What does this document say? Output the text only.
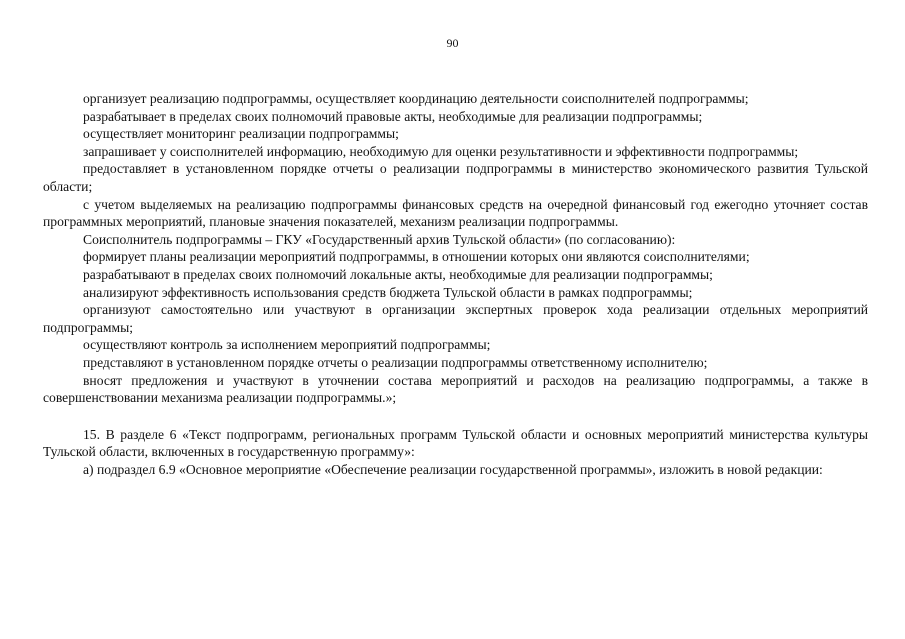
90

организует реализацию подпрограммы, осуществляет координацию деятельности соисполнителей подпрограммы;

разрабатывает в пределах своих полномочий правовые акты, необходимые для реализации подпрограммы;

осуществляет мониторинг реализации подпрограммы;

запрашивает у соисполнителей информацию, необходимую для оценки результативности и эффективности подпрограммы;

предоставляет в установленном порядке отчеты о реализации подпрограммы в министерство экономического развития Тульской области;

с учетом выделяемых на реализацию подпрограммы финансовых средств на очередной финансовый год ежегодно уточняет состав программных мероприятий, плановые значения показателей, механизм реализации подпрограммы.

Соисполнитель подпрограммы – ГКУ «Государственный архив Тульской области» (по согласованию):

формирует планы реализации мероприятий подпрограммы, в отношении которых они являются соисполнителями;

разрабатывают в пределах своих полномочий локальные акты, необходимые для реализации подпрограммы;

анализируют эффективность использования средств бюджета Тульской области в рамках подпрограммы;

организуют самостоятельно или участвуют в организации экспертных проверок хода реализации отдельных мероприятий подпрограммы;

осуществляют контроль за исполнением мероприятий подпрограммы;

представляют в установленном порядке отчеты о реализации подпрограммы ответственному исполнителю;

вносят предложения и участвуют в уточнении состава мероприятий и расходов на реализацию подпрограммы, а также в совершенствовании механизма реализации подпрограммы.»;

15. В разделе 6 «Текст подпрограмм, региональных программ Тульской области и основных мероприятий министерства культуры Тульской области, включенных в государственную программу»:

а) подраздел 6.9 «Основное мероприятие «Обеспечение реализации государственной программы», изложить в новой редакции:
